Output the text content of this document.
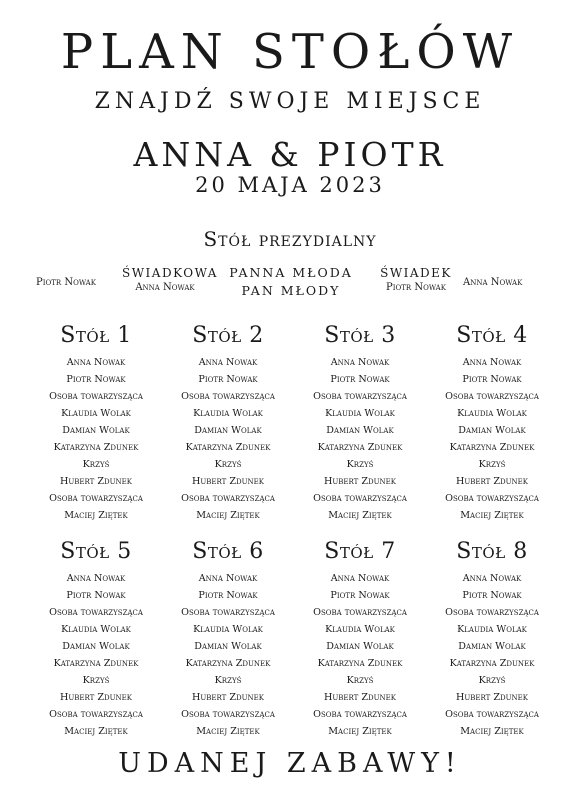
PLAN STOŁÓW
ZNAJDŹ SWOJE MIEJSCE
ANNA & PIOTR
20 MAJA 2023
Stół prezydialny
Piotr Nowak
ŚWIADKOWA
Anna Nowak
PANNA MŁODA
PAN MŁODY
ŚWIADEK
Piotr Nowak	Anna Nowak
Stół 1
Anna Nowak
Piotr Nowak
Osoba towarzysząca
Klaudia Wolak
Damian Wolak
Katarzyna Zdunek
Krzyś
Hubert Zdunek
Osoba towarzysząca
Maciej Ziętek
Stół 2
Anna Nowak
Piotr Nowak
Osoba towarzysząca
Klaudia Wolak
Damian Wolak
Katarzyna Zdunek
Krzyś
Hubert Zdunek
Osoba towarzysząca
Maciej Ziętek
Stół 3
Anna Nowak
Piotr Nowak
Osoba towarzysząca
Klaudia Wolak
Damian Wolak
Katarzyna Zdunek
Krzyś
Hubert Zdunek
Osoba towarzysząca
Maciej Ziętek
Stół 4
Anna Nowak
Piotr Nowak
Osoba towarzysząca
Klaudia Wolak
Damian Wolak
Katarzyna Zdunek
Krzyś
Hubert Zdunek
Osoba towarzysząca
Maciej Ziętek
Stół 5
Anna Nowak
Piotr Nowak
Osoba towarzysząca
Klaudia Wolak
Damian Wolak
Katarzyna Zdunek
Krzyś
Hubert Zdunek
Osoba towarzysząca
Maciej Ziętek
Stół 6
Anna Nowak
Piotr Nowak
Osoba towarzysząca
Klaudia Wolak
Damian Wolak
Katarzyna Zdunek
Krzyś
Hubert Zdunek
Osoba towarzysząca
Maciej Ziętek
Stół 7
Anna Nowak
Piotr Nowak
Osoba towarzysząca
Klaudia Wolak
Damian Wolak
Katarzyna Zdunek
Krzyś
Hubert Zdunek
Osoba towarzysząca
Maciej Ziętek
Stół 8
Anna Nowak
Piotr Nowak
Osoba towarzysząca
Klaudia Wolak
Damian Wolak
Katarzyna Zdunek
Krzyś
Hubert Zdunek
Osoba towarzysząca
Maciej Ziętek
UDANEJ ZABAWY!
